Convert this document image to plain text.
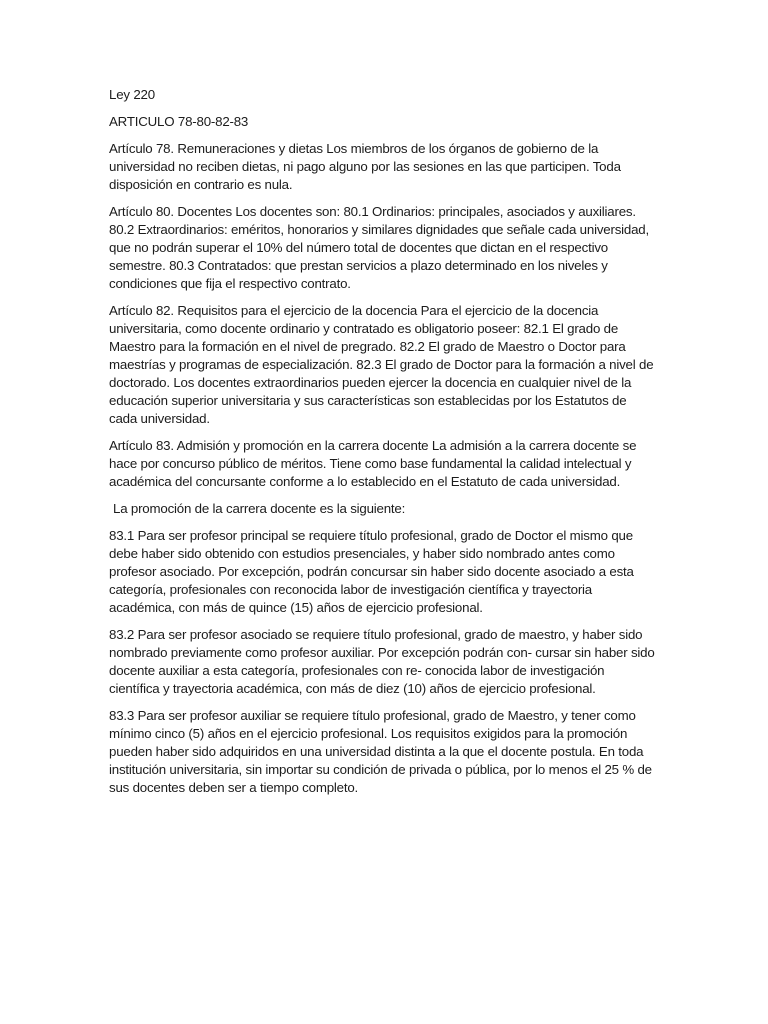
Ley 220

ARTICULO 78-80-82-83

Artículo 78. Remuneraciones y dietas Los miembros de los órganos de gobierno de la universidad no reciben dietas, ni pago alguno por las sesiones en las que participen. Toda disposición en contrario es nula.

Artículo 80. Docentes Los docentes son: 80.1 Ordinarios: principales, asociados y auxiliares. 80.2 Extraordinarios: eméritos, honorarios y similares dignidades que señale cada universidad, que no podrán superar el 10% del número total de docentes que dictan en el respectivo semestre. 80.3 Contratados: que prestan servicios a plazo determinado en los niveles y condiciones que fija el respectivo contrato.

Artículo 82. Requisitos para el ejercicio de la docencia Para el ejercicio de la docencia universitaria, como docente ordinario y contratado es obligatorio poseer: 82.1 El grado de Maestro para la formación en el nivel de pregrado. 82.2 El grado de Maestro o Doctor para maestrías y programas de especialización. 82.3 El grado de Doctor para la formación a nivel de doctorado. Los docentes extraordinarios pueden ejercer la docencia en cualquier nivel de la educación superior universitaria y sus características son establecidas por los Estatutos de cada universidad.

Artículo 83. Admisión y promoción en la carrera docente La admisión a la carrera docente se hace por concurso público de méritos. Tiene como base fundamental la calidad intelectual y académica del concursante conforme a lo establecido en el Estatuto de cada universidad.

La promoción de la carrera docente es la siguiente:

83.1 Para ser profesor principal se requiere título profesional, grado de Doctor el mismo que debe haber sido obtenido con estudios presenciales, y haber sido nombrado antes como profesor asociado. Por excepción, podrán concursar sin haber sido docente asociado a esta categoría, profesionales con reconocida labor de investigación científica y trayectoria académica, con más de quince (15) años de ejercicio profesional.

83.2 Para ser profesor asociado se requiere título profesional, grado de maestro, y haber sido nombrado previamente como profesor auxiliar. Por excepción podrán con- cursar sin haber sido docente auxiliar a esta categoría, profesionales con re- conocida labor de investigación científica y trayectoria académica, con más de diez (10) años de ejercicio profesional.

83.3 Para ser profesor auxiliar se requiere título profesional, grado de Maestro, y tener como mínimo cinco (5) años en el ejercicio profesional. Los requisitos exigidos para la promoción pueden haber sido adquiridos en una universidad distinta a la que el docente postula. En toda institución universitaria, sin importar su condición de privada o pública, por lo menos el 25 % de sus docentes deben ser a tiempo completo.
